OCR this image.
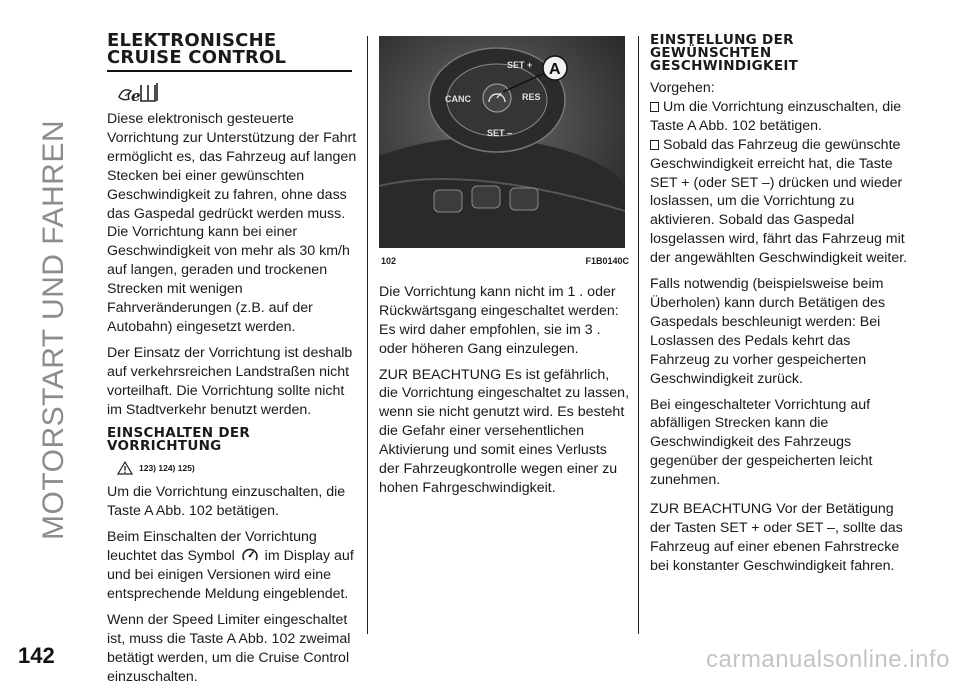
MOTORSTART UND FAHREN
142	carmanualsonline.info
ELEKTRONISCHE
CRUISE CONTROL
e

Diese elektronisch gesteuerte Vorrichtung zur Unterstützung der Fahrt ermöglicht es, das Fahrzeug auf langen Stecken bei einer gewünschten Geschwindigkeit zu fahren, ohne dass das Gaspedal gedrückt werden muss. Die Vorrichtung kann bei einer Geschwindigkeit von mehr als 30 km/h auf langen, geraden und trockenen Strecken mit wenigen Fahrveränderungen (z.B. auf der Autobahn) eingesetzt werden.

Der Einsatz der Vorrichtung ist deshalb auf verkehrsreichen Landstraßen nicht vorteilhaft. Die Vorrichtung sollte nicht im Stadtverkehr benutzt werden.

EINSCHALTEN DER
VORRICHTUNG
123) 124) 125)

Um die Vorrichtung einzuschalten, die Taste A Abb. 102 betätigen.

Beim Einschalten der Vorrichtung leuchtet das Symbol im Display auf und bei einigen Versionen wird eine entsprechende Meldung eingeblendet.

Wenn der Speed Limiter eingeschaltet ist, muss die Taste A Abb. 102 zweimal betätigt werden, um die Cruise Control einzuschalten.

SET +
CANC	RES
SET –
A
102	F1B0140C

Die Vorrichtung kann nicht im 1 . oder Rückwärtsgang eingeschaltet werden: Es wird daher empfohlen, sie im 3 . oder höheren Gang einzulegen.

ZUR BEACHTUNG Es ist gefährlich, die Vorrichtung eingeschaltet zu lassen, wenn sie nicht genutzt wird. Es besteht die Gefahr einer versehentlichen Aktivierung und somit eines Verlusts der Fahrzeugkontrolle wegen einer zu hohen Fahrgeschwindigkeit.

EINSTELLUNG DER
GEWÜNSCHTEN
GESCHWINDIGKEIT

Vorgehen:

Um die Vorrichtung einzuschalten, die Taste A Abb. 102 betätigen.

Sobald das Fahrzeug die gewünschte Geschwindigkeit erreicht hat, die Taste SET + (oder SET –) drücken und wieder loslassen, um die Vorrichtung zu aktivieren. Sobald das Gaspedal losgelassen wird, fährt das Fahrzeug mit der angewählten Geschwindigkeit weiter.

Falls notwendig (beispielsweise beim Überholen) kann durch Betätigen des Gaspedals beschleunigt werden: Bei Loslassen des Pedals kehrt das Fahrzeug zu vorher gespeicherten Geschwindigkeit zurück.

Bei eingeschalteter Vorrichtung auf abfälligen Strecken kann die Geschwindigkeit des Fahrzeugs gegenüber der gespeicherten leicht zunehmen.

ZUR BEACHTUNG Vor der Betätigung der Tasten SET + oder SET –, sollte das Fahrzeug auf einer ebenen Fahrstrecke bei konstanter Geschwindigkeit fahren.
